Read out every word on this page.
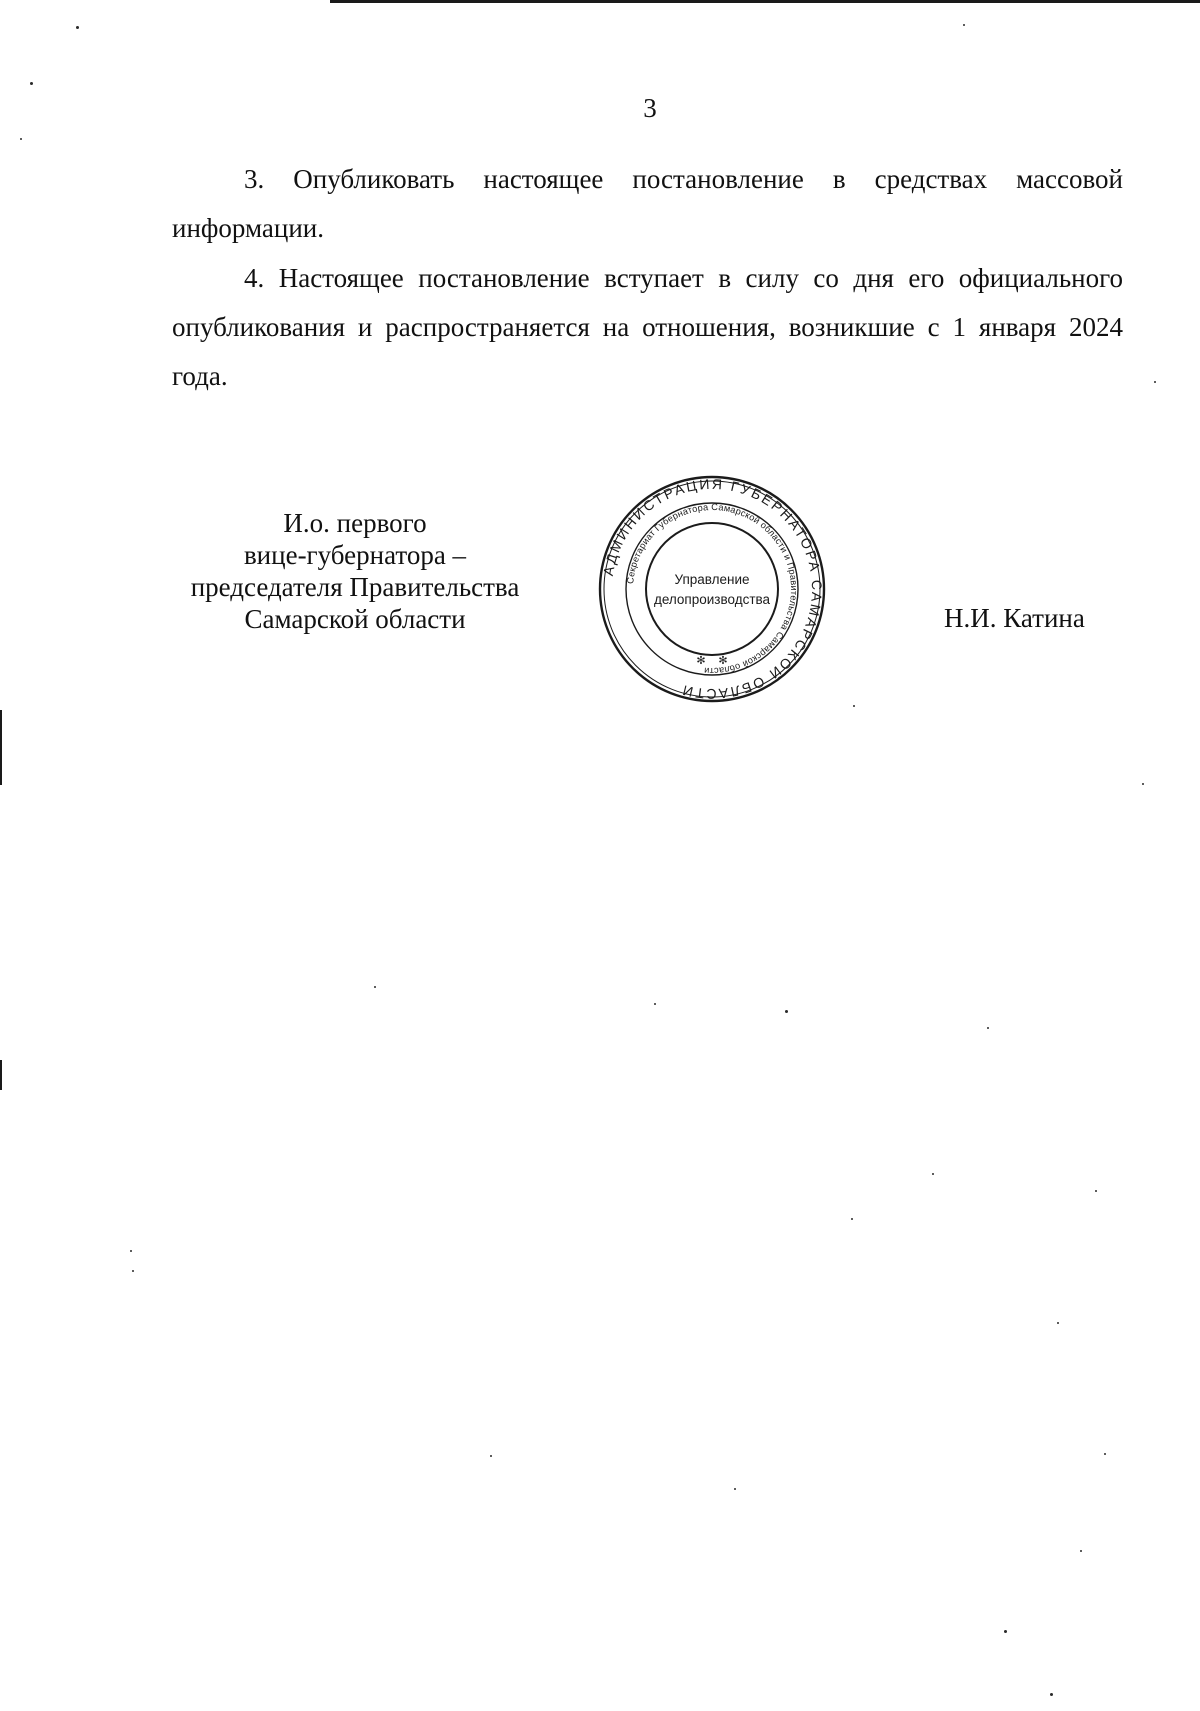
3

3. Опубликовать настоящее постановление в средствах массовой информации.

4. Настоящее постановление вступает в силу со дня его официального опубликования и распространяется на отношения, возникшие с 1 января 2024 года.

И.о. первого
вице-губернатора –
председателя Правительства
Самарской области
АДМИНИСТРАЦИЯ ГУБЕРНАТОРА САМАРСКОЙ ОБЛАСТИ
Секретариат Губернатора Самарской области и Правительства Самарской области
Управление
делопроизводства
✻ ✻
Н.И. Катина
